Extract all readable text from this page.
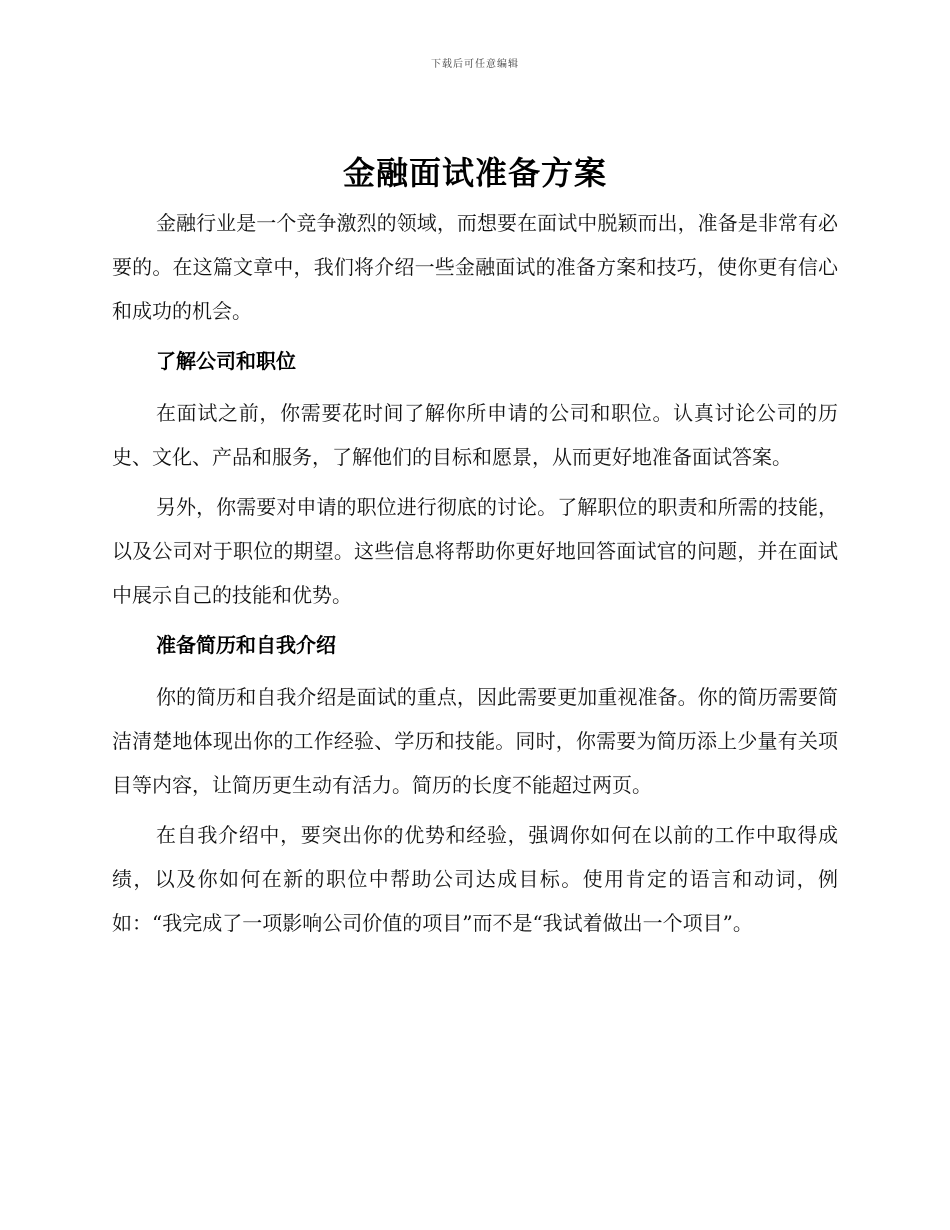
下载后可任意编辑
金融面试准备方案

金融行业是一个竞争激烈的领域，而想要在面试中脱颖而出，准备是非常有必要的。在这篇文章中，我们将介绍一些金融面试的准备方案和技巧，使你更有信心和成功的机会。

了解公司和职位

在面试之前，你需要花时间了解你所申请的公司和职位。认真讨论公司的历史、文化、产品和服务，了解他们的目标和愿景，从而更好地准备面试答案。

另外，你需要对申请的职位进行彻底的讨论。了解职位的职责和所需的技能，以及公司对于职位的期望。这些信息将帮助你更好地回答面试官的问题，并在面试中展示自己的技能和优势。

准备简历和自我介绍

你的简历和自我介绍是面试的重点，因此需要更加重视准备。你的简历需要简洁清楚地体现出你的工作经验、学历和技能。同时，你需要为简历添上少量有关项目等内容，让简历更生动有活力。简历的长度不能超过两页。

在自我介绍中，要突出你的优势和经验，强调你如何在以前的工作中取得成绩，以及你如何在新的职位中帮助公司达成目标。使用肯定的语言和动词，例如：“我完成了一项影响公司价值的项目”而不是“我试着做出一个项目”。
